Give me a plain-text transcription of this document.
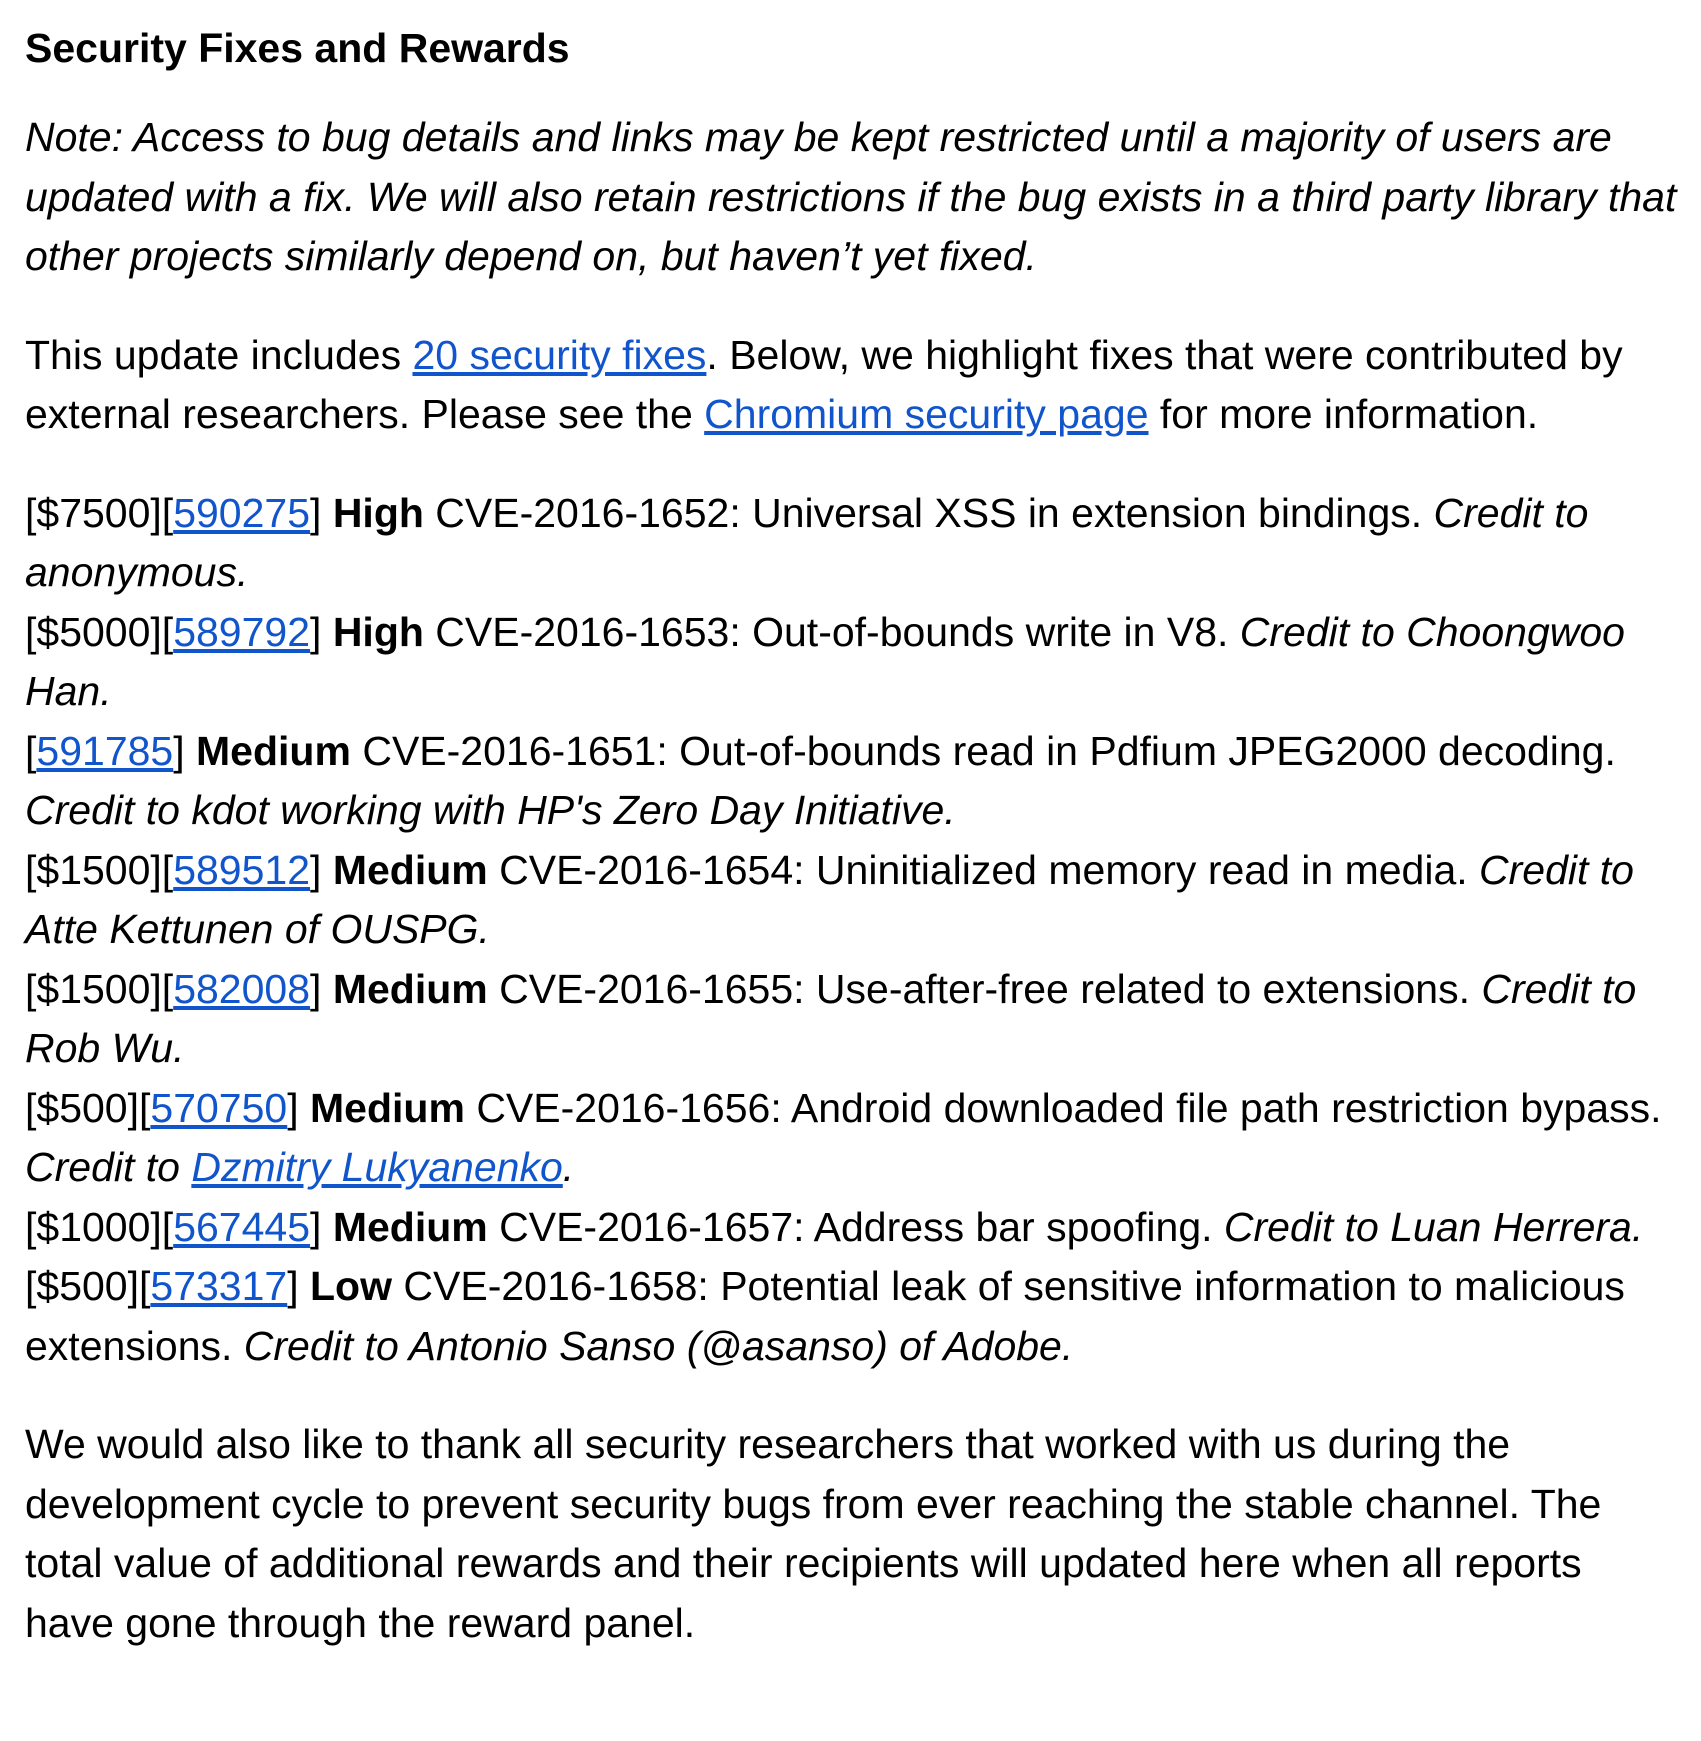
Security Fixes and Rewards

Note: Access to bug details and links may be kept restricted until a majority of users are updated with a fix. We will also retain restrictions if the bug exists in a third party library that other projects similarly depend on, but haven’t yet fixed.

This update includes 20 security fixes. Below, we highlight fixes that were contributed by external researchers. Please see the Chromium security page for more information.

[$7500][590275] High CVE-2016-1652: Universal XSS in extension bindings. Credit to anonymous.
[$5000][589792] High CVE-2016-1653: Out-of-bounds write in V8. Credit to Choongwoo Han.
[591785] Medium CVE-2016-1651: Out-of-bounds read in Pdfium JPEG2000 decoding. Credit to kdot working with HP's Zero Day Initiative.
[$1500][589512] Medium CVE-2016-1654: Uninitialized memory read in media. Credit to Atte Kettunen of OUSPG.
[$1500][582008] Medium CVE-2016-1655: Use-after-free related to extensions. Credit to Rob Wu.
[$500][570750] Medium CVE-2016-1656: Android downloaded file path restriction bypass. Credit to Dzmitry Lukyanenko.
[$1000][567445] Medium CVE-2016-1657: Address bar spoofing. Credit to Luan Herrera.
[$500][573317] Low CVE-2016-1658: Potential leak of sensitive information to malicious extensions. Credit to Antonio Sanso (@asanso) of Adobe.

We would also like to thank all security researchers that worked with us during the development cycle to prevent security bugs from ever reaching the stable channel. The total value of additional rewards and their recipients will updated here when all reports have gone through the reward panel.
